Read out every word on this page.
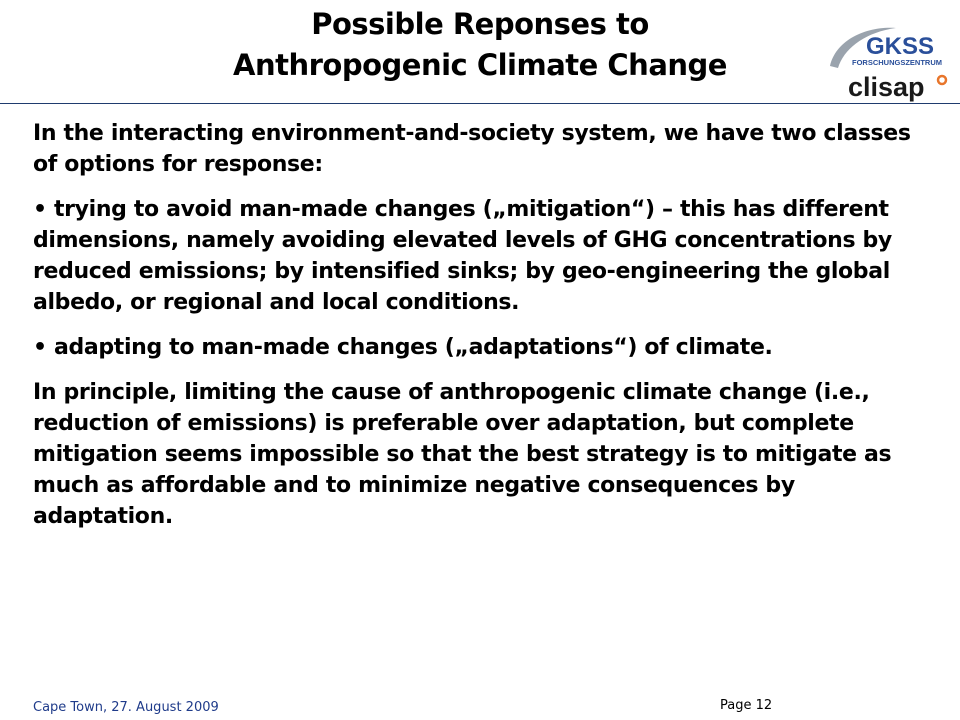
Possible Reponses to
Anthropogenic Climate Change
GKSS
FORSCHUNGSZENTRUM
clisap

In the interacting environment-and-society system, we have two classes of options for response:

• trying to avoid man-made changes („mitigation“) – this has different dimensions, namely avoiding elevated levels of GHG concentrations by reduced emissions; by intensified sinks; by geo-engineering the global albedo, or regional and local conditions.

• adapting to man-made changes („adaptations“) of climate.

In principle, limiting the cause of anthropogenic climate change (i.e., reduction of emissions) is preferable over adaptation, but complete mitigation seems impossible so that the best strategy is to mitigate as much as affordable and to minimize negative consequences by adaptation.

Cape Town, 27. August 2009	Page 12
